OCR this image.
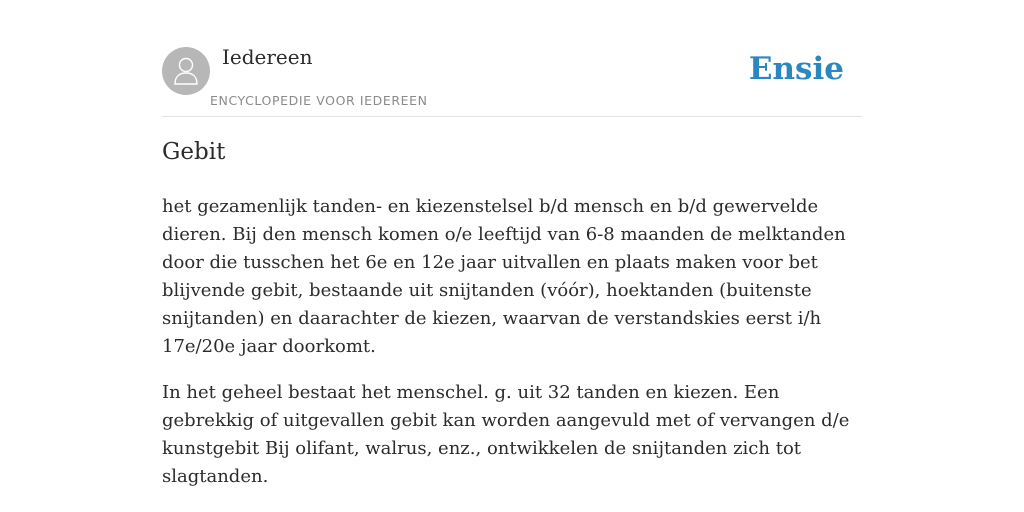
Iedereen
ENCYCLOPEDIE VOOR IEDEREEN
Ensie
Gebit

het gezamenlijk tanden- en kiezenstelsel b/d mensch en b/d gewervelde dieren. Bij den mensch komen o/e leeftijd van 6-8 maanden de melktanden door die tusschen het 6e en 12e jaar uitvallen en plaats maken voor bet blijvende gebit, bestaande uit snijtanden (vóór), hoektanden (buitenste snijtanden) en daarachter de kiezen, waarvan de verstandskies eerst i/h 17e/20e jaar doorkomt.

In het geheel bestaat het menschel. g. uit 32 tanden en kiezen. Een gebrekkig of uitgevallen gebit kan worden aangevuld met of vervangen d/e kunstgebit Bij olifant, walrus, enz., ontwikkelen de snijtanden zich tot slagtanden.
